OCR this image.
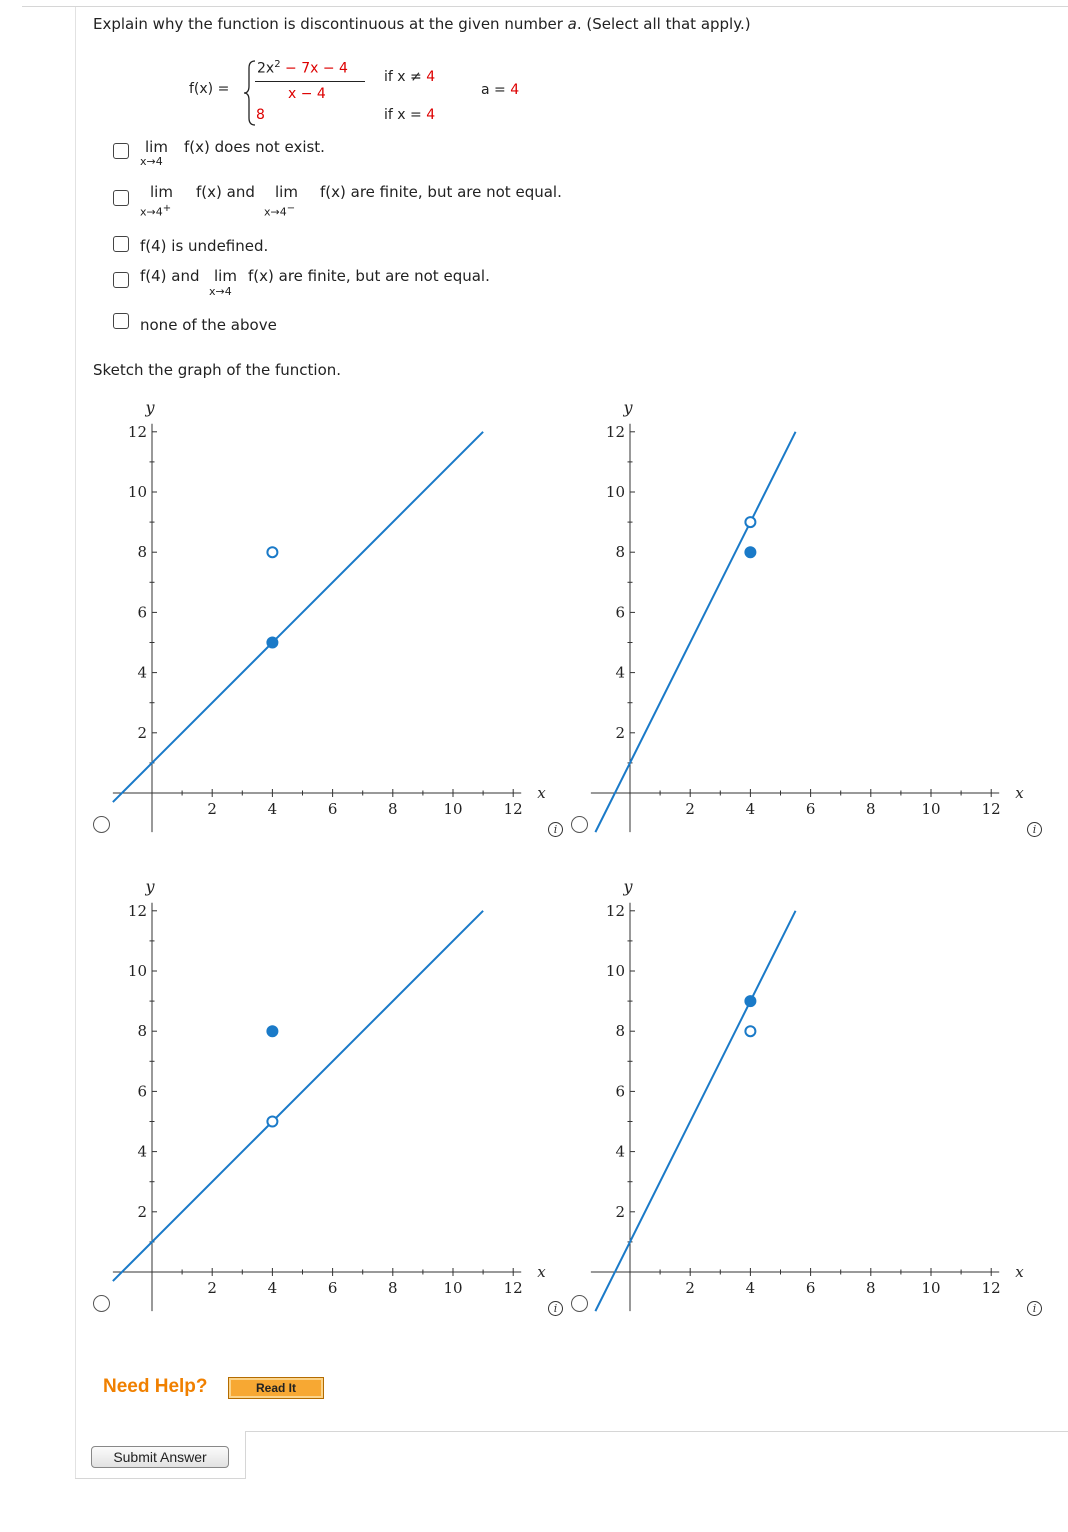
Explain why the function is discontinuous at the given number a. (Select all that apply.)
f(x) =
$2x^2 - 7x - 4$
x − 4
8
if x ≠ 4
if x = 4
a = 4
lim
x→4
f(x) does not exist.
lim
x→4+
f(x) and lim
x→4−
f(x) are finite, but are not equal.
f(4) is undefined.
f(4) and lim
x→4
f(x) are finite, but are not equal.
none of the above
Sketch the graph of the function.
2
2
4
4
6
6
8
8
10
10
12
12
x
y
2
2
4
4
6
6
8
8
10
10
12
12
x
y
2
2
4
4
6
6
8
8
10
10
12
12
x
y
2
2
4
4
6
6
8
8
10
10
12
12
x
y
i	i
i	i
Need Help?	Read It
Submit Answer
